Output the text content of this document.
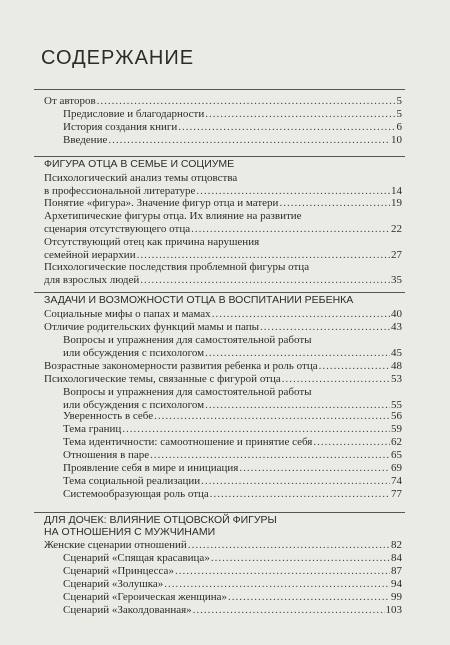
СОДЕРЖАНИЕ
От авторов .....	5
Предисловие и благодарности .....	5
История создания книги .....	6
Введение .....	10
ФИГУРА ОТЦА В СЕМЬЕ И СОЦИУМЕ
Психологический анализ темы отцовства
в профессиональной литературе .....	14
Понятие «фигура». Значение фигур отца и матери .....	19
Архетипические фигуры отца. Их влияние на развитие
сценария отсутствующего отца .....	22
Отсутствующий отец как причина нарушения
семейной иерархии .....	27
Психологические последствия проблемной фигуры отца
для взрослых людей .....	35
ЗАДАЧИ И ВОЗМОЖНОСТИ ОТЦА В ВОСПИТАНИИ РЕБЕНКА
Социальные мифы о папах и мамах .....	40
Отличие родительских функций мамы и папы .....	43
Вопросы и упражнения для самостоятельной работы
или обсуждения с психологом .....	45
Возрастные закономерности развития ребенка и роль отца .....	48
Психологические темы, связанные с фигурой отца .....	53
Вопросы и упражнения для самостоятельной работы
или обсуждения с психологом .....	55
Уверенность в себе .....	56
Тема границ .....	59
Тема идентичности: самоотношение и принятие себя .....	62
Отношения в паре .....	65
Проявление себя в мире и инициация .....	69
Тема социальной реализации .....	74
Системообразующая роль отца .....	77
ДЛЯ ДОЧЕК: ВЛИЯНИЕ ОТЦОВСКОЙ ФИГУРЫ
НА ОТНОШЕНИЯ С МУЖЧИНАМИ
Женские сценарии отношений .....	82
Сценарий «Спящая красавица» .....	84
Сценарий «Принцесса» .....	87
Сценарий «Золушка» .....	94
Сценарий «Героическая женщина» .....	99
Сценарий «Заколдованная» .....	103
